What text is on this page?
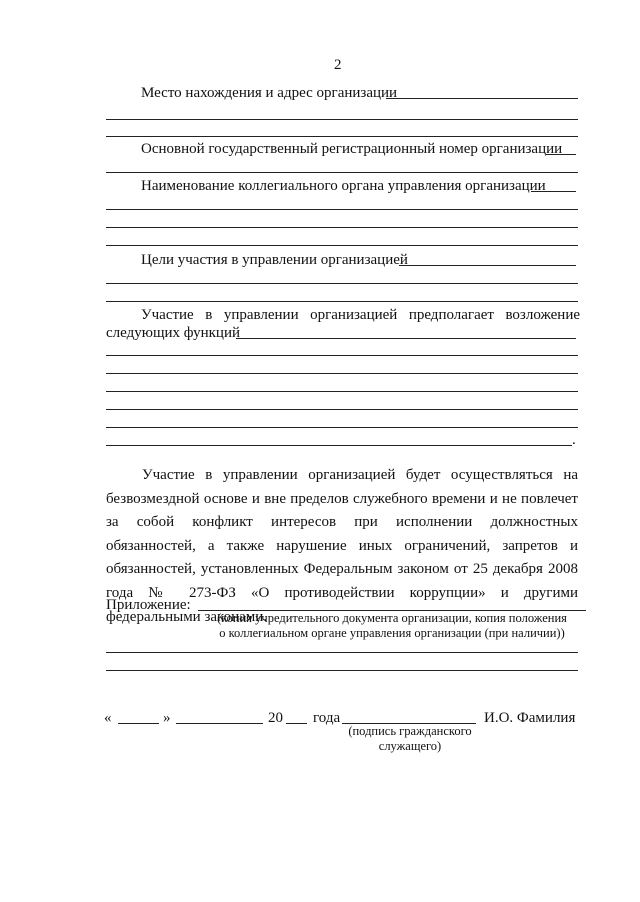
2
Место нахождения и адрес организации
Основной государственный регистрационный номер организации
Наименование коллегиального органа управления организации
Цели участия в управлении организацией
Участие в управлении организацией предполагает возложение
следующих функций
.
Участие в управлении организацией будет осуществляться на безвозмездной основе и вне пределов служебного времени и не повлечет за собой конфликт интересов при исполнении должностных обязанностей, а также нарушение иных ограничений, запретов и обязанностей, установленных Федеральным законом от 25 декабря 2008 года № 273-ФЗ «О противодействии коррупции» и другими федеральными законами.
Приложение:
(копия учредительного документа организации, копия положения
о коллегиальном органе управления организации (при наличии))
«	»	20 года	И.О. Фамилия
(подпись гражданского
служащего)
